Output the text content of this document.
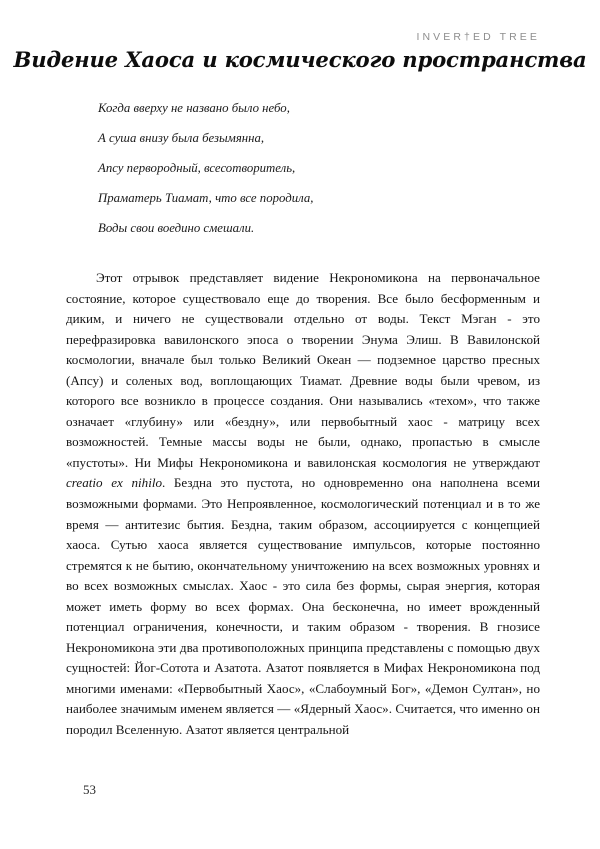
INVER†ED TREE
Видение Хаоса и космического пространства
Когда вверху не названо было небо,
А суша внизу была безымянна,
Апсу перворoдный, всесотворитель,
Праматерь Тиамат, что все породила,
Воды свои воедино смешали.

Этот отрывок представляет видение Некрономикона на первоначальное состояние, которое существовало еще до творения. Все было бесформенным и диким, и ничего не существовали отдельно от воды. Текст Мэган - это перефразировка вавилонского эпоса о творении Энума Элиш. В Вавилонской космологии, вначале был только Великий Океан — подземное царство пресных (Апсу) и соленых вод, воплощающих Тиамат. Древние воды были чревом, из которого все возникло в процессе создания. Они назывались «техом», что также означает «глубину» или «бездну», или первобытный хаос - матрицу всех возможностей. Темные массы воды не были, однако, пропастью в смысле «пустоты». Ни Мифы Некрономикона и вавилонская космология не утверждают creatio ex nihilo. Бездна это пустота, но одновременно она наполнена всеми возможными формами. Это Непроявленное, космологический потенциал и в то же время — антитезис бытия. Бездна, таким образом, ассоциируется с концепцией хаоса. Сутью хаоса является существование импульсов, которые постоянно стремятся к не бытию, окончательному уничтожению на всех возможных уровнях и во всех возможных смыслах. Хаос - это сила без формы, сырая энергия, которая может иметь форму во всех формах. Она бесконечна, но имеет врожденный потенциал ограничения, конечности, и таким образом - творения. В гнозисе Некрономикона эти два противоположных принципа представлены с помощью двух сущностей: Йог-Сотота и Азатота. Азатот появляется в Мифах Некрономикона под многими именами: «Первобытный Хаос», «Слабоумный Бог», «Демон Султан», но наиболее значимым именем является — «Ядерный Хаос». Считается, что именно он породил Вселенную. Азатот является центральной

53
